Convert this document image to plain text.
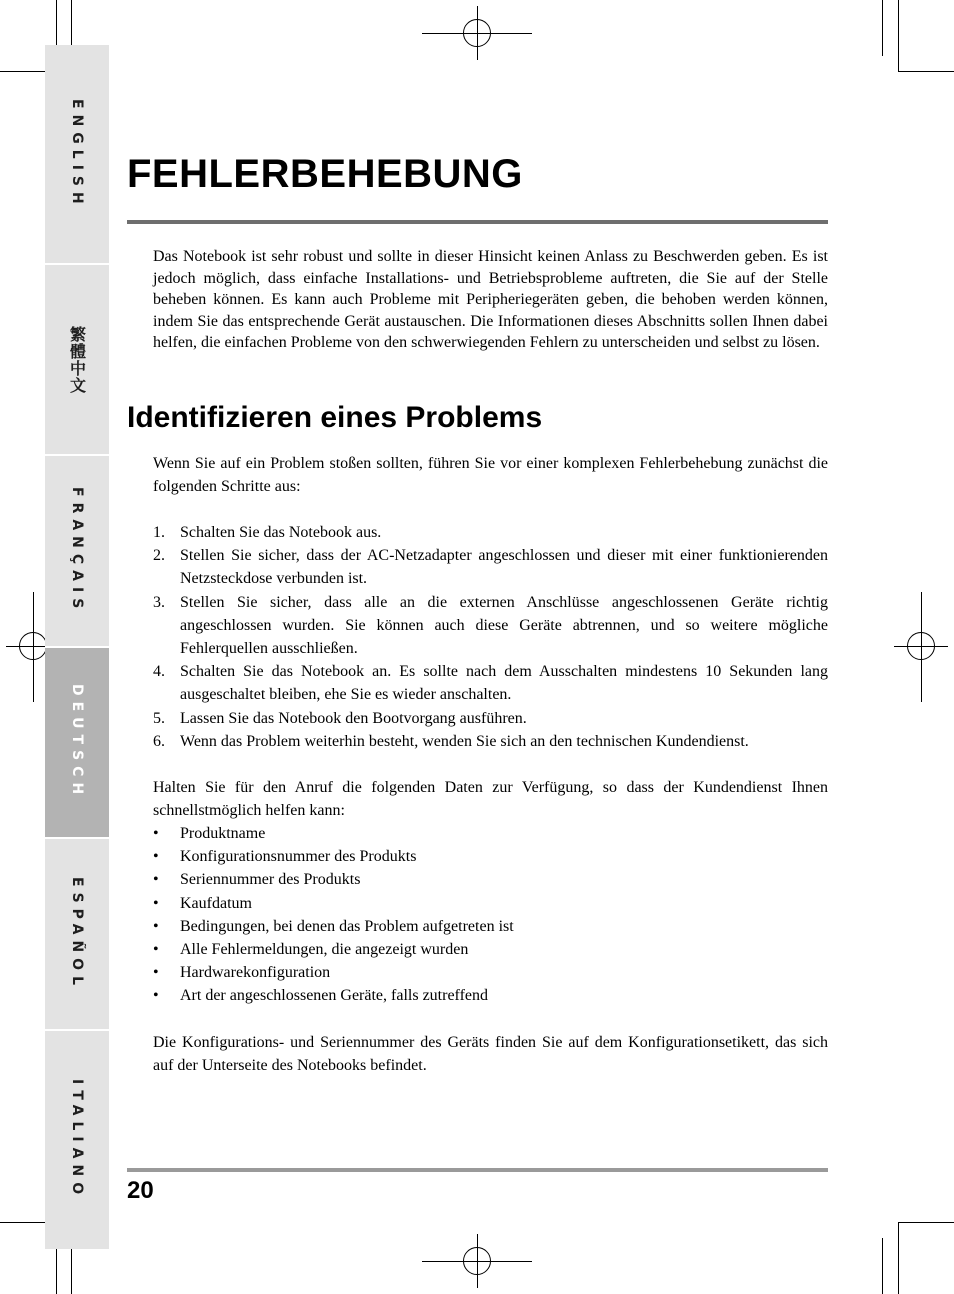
ENGLISH
繁體中文
FRANÇAIS
DEUTSCH
ESPAÑOL
ITALIANO
FEHLERBEHEBUNG

Das Notebook ist sehr robust und sollte in dieser Hinsicht keinen Anlass zu Beschwerden geben. Es ist jedoch möglich, dass einfache Installations- und Betriebsprobleme auftreten, die Sie auf der Stelle beheben können. Es kann auch Probleme mit Peripheriegeräten geben, die behoben werden können, indem Sie das entsprechende Gerät austauschen. Die Informationen dieses Abschnitts sollen Ihnen dabei helfen, die einfachen Probleme von den schwerwiegenden Fehlern zu unterscheiden und selbst zu lösen.

Identifizieren eines Problems

Wenn Sie auf ein Problem stoßen sollten, führen Sie vor einer komplexen Fehlerbehebung zunächst die folgenden Schritte aus:

1. Schalten Sie das Notebook aus.
2. Stellen Sie sicher, dass der AC-Netzadapter angeschlossen und dieser mit einer funktionierenden Netzsteckdose verbunden ist.
3. Stellen Sie sicher, dass alle an die externen Anschlüsse angeschlossenen Geräte richtig angeschlossen wurden. Sie können auch diese Geräte abtrennen, und so weitere mögliche Fehlerquellen ausschließen.
4. Schalten Sie das Notebook an. Es sollte nach dem Ausschalten mindestens 10 Sekunden lang ausgeschaltet bleiben, ehe Sie es wieder anschalten.
5. Lassen Sie das Notebook den Bootvorgang ausführen.
6. Wenn das Problem weiterhin besteht, wenden Sie sich an den technischen Kundendienst.

Halten Sie für den Anruf die folgenden Daten zur Verfügung, so dass der Kundendienst Ihnen schnellstmöglich helfen kann:

• Produktname
• Konfigurationsnummer des Produkts
• Seriennummer des Produkts
• Kaufdatum
• Bedingungen, bei denen das Problem aufgetreten ist
• Alle Fehlermeldungen, die angezeigt wurden
• Hardwarekonfiguration
• Art der angeschlossenen Geräte, falls zutreffend

Die Konfigurations- und Seriennummer des Geräts finden Sie auf dem Konfigurationsetikett, das sich auf der Unterseite des Notebooks befindet.

20
